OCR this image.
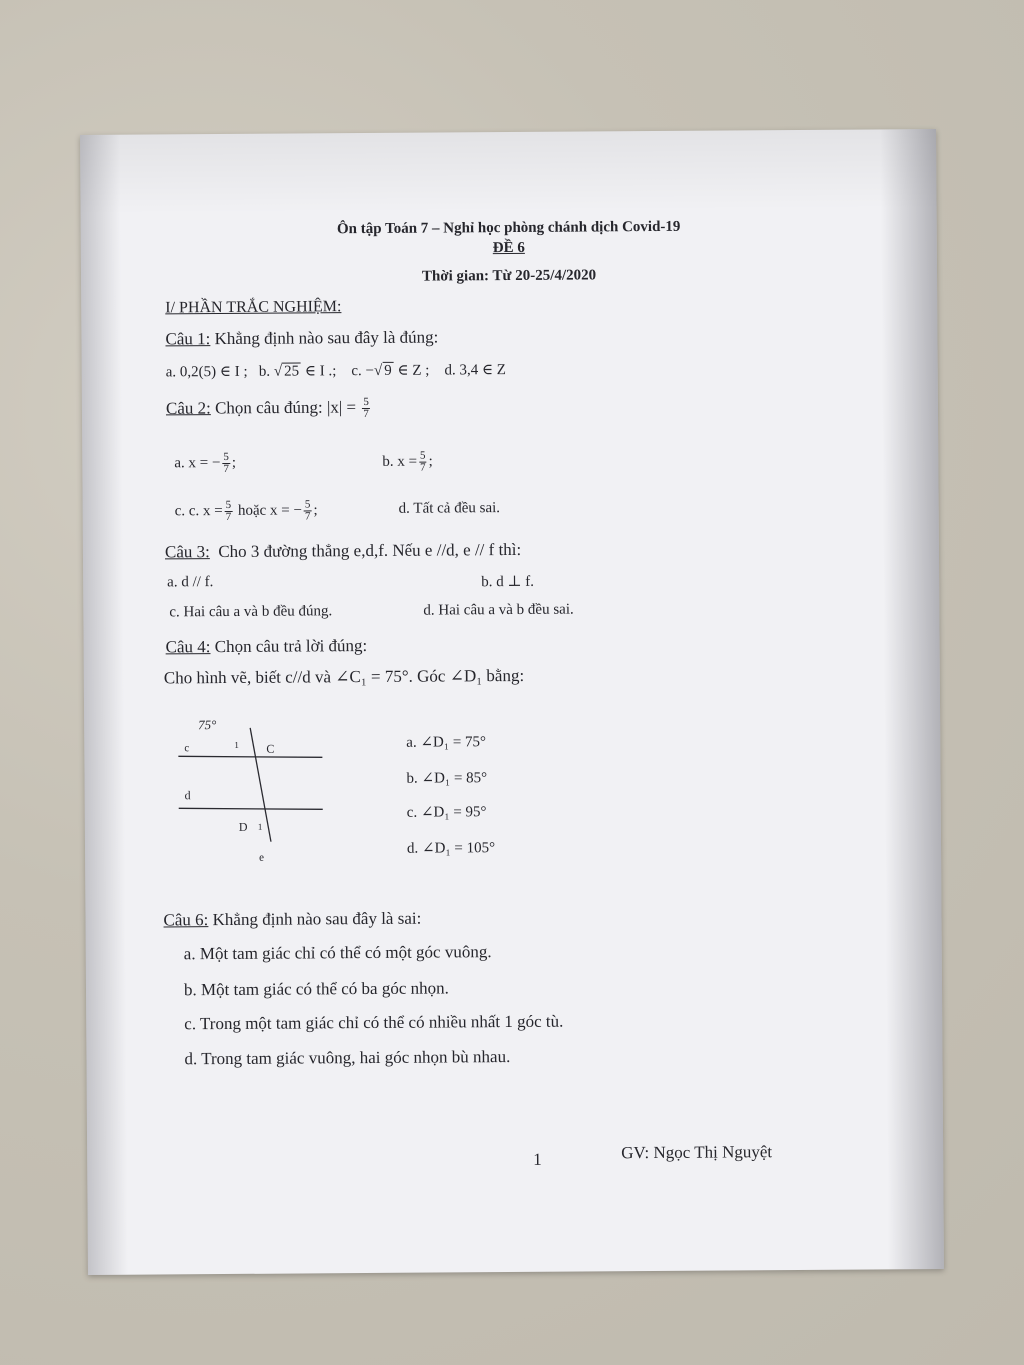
Ôn tập Toán 7 – Nghỉ học phòng chánh dịch Covid-19
ĐỀ 6
Thời gian: Từ 20-25/4/2020
I/ PHẦN TRẮC NGHIỆM:
Câu 1: Khẳng định nào sau đây là đúng:
a. 0,2(5) ∈ I ; b. √ 25 ∈ I .; c. −√ 9 ∈ Z ; d. 3,4 ∈ Z
Câu 2: Chọn câu đúng: $|x| = \frac{5}{7}$
a. x = − $\frac{5}{7}$ ;	b. $x = \frac{5}{7}$ ;
c. c. $x = \frac{5}{7}$ hoặc x = − $\frac{5}{7}$ ;	d. Tất cả đều sai.
Câu 3: Cho 3 đường thẳng e,d,f. Nếu e //d, e // f thì:
a. d // f.	b. d ⊥ f.
c. Hai câu a và b đều đúng.	d. Hai câu a và b đều sai.
Câu 4: Chọn câu trả lời đúng:
Cho hình vẽ, biết c//d và ∠C₁ = 75°. Góc ∠D₁ bằng:
75°
c	1 C
d
D 1
e
a. ∠D₁ = 75°
b. ∠D₁ = 85°
c. ∠D₁ = 95°
d. ∠D₁ = 105°
Câu 6: Khẳng định nào sau đây là sai:
a. Một tam giác chỉ có thể có một góc vuông.
b. Một tam giác có thể có ba góc nhọn.
c. Trong một tam giác chỉ có thể có nhiều nhất 1 góc tù.
d. Trong tam giác vuông, hai góc nhọn bù nhau.
1	GV: Ngọc Thị Nguyệt
